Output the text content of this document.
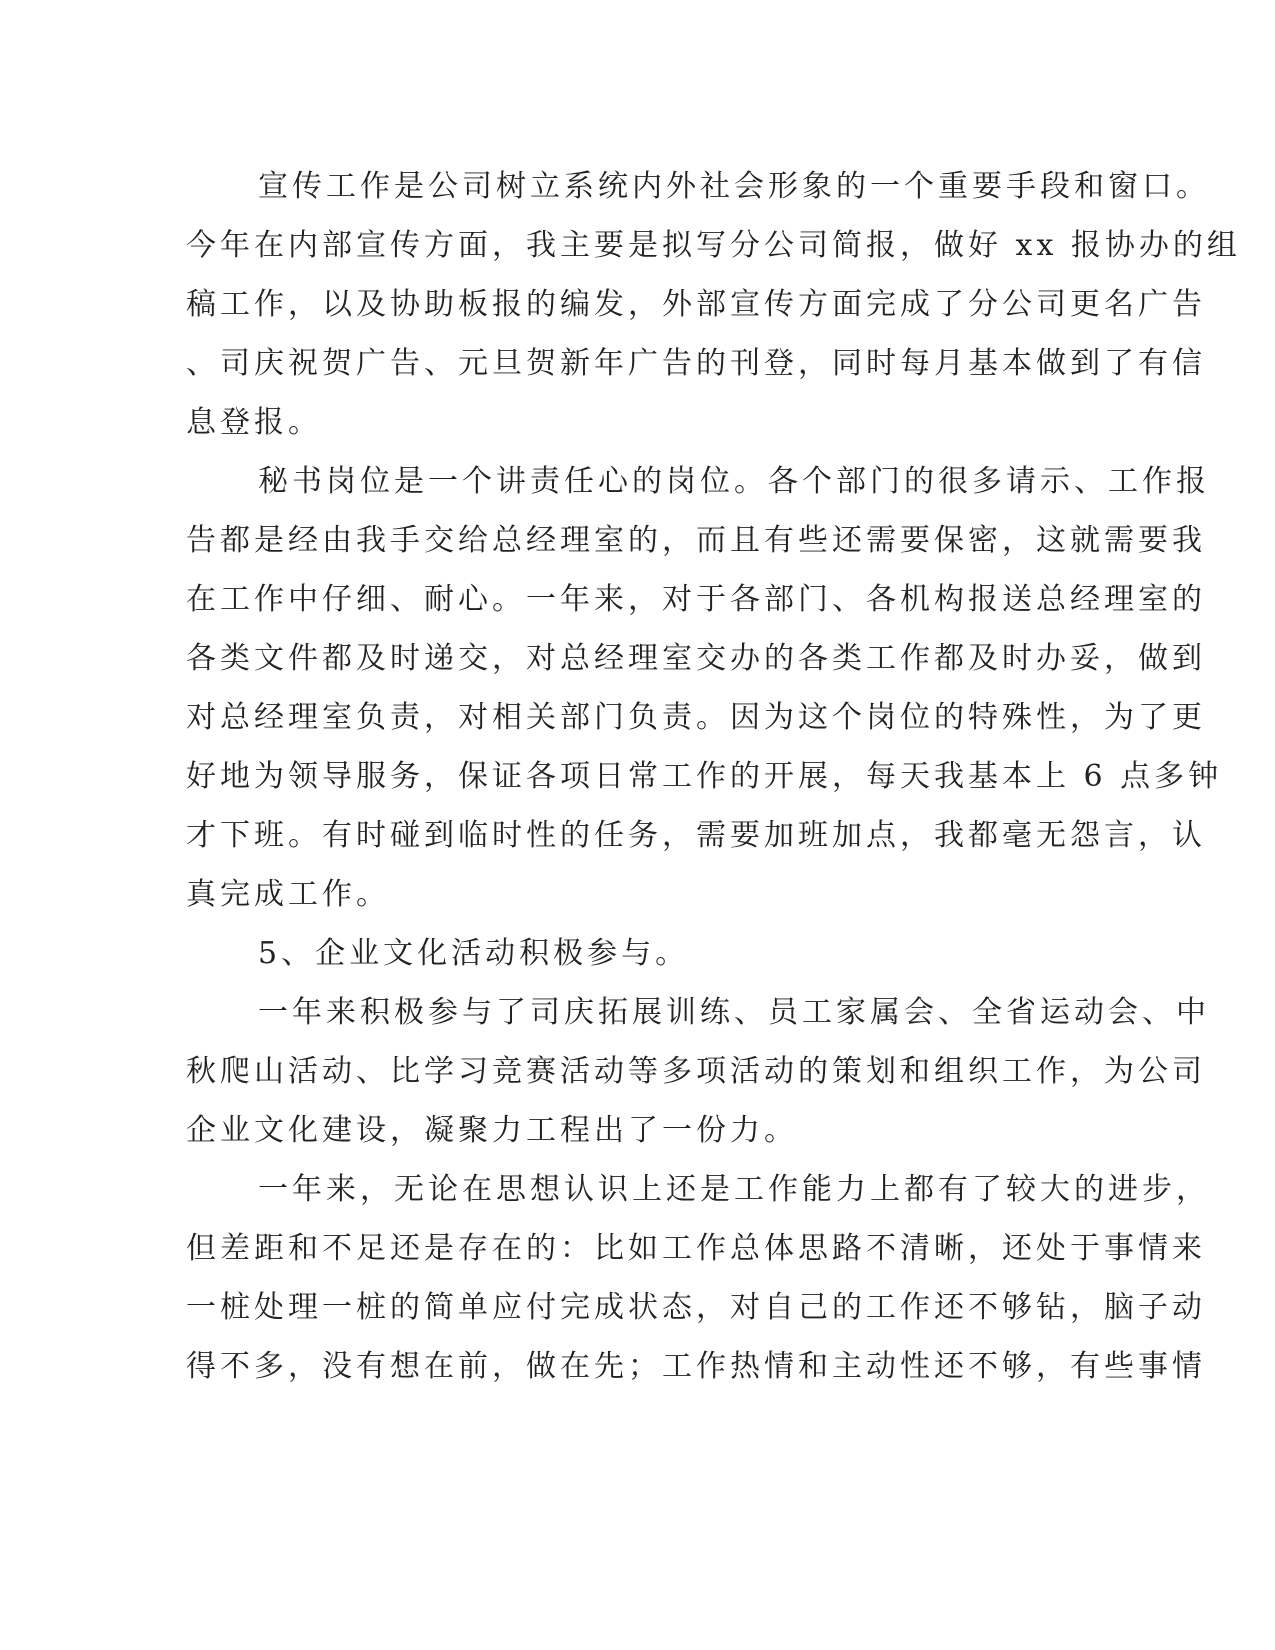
宣传工作是公司树立系统内外社会形象的一个重要手段和窗口。
今年在内部宣传方面，我主要是拟写分公司简报，做好 xx 报协办的组
稿工作，以及协助板报的编发，外部宣传方面完成了分公司更名广告
、司庆祝贺广告、元旦贺新年广告的刊登，同时每月基本做到了有信
息登报。
秘书岗位是一个讲责任心的岗位。各个部门的很多请示、工作报
告都是经由我手交给总经理室的，而且有些还需要保密，这就需要我
在工作中仔细、耐心。一年来，对于各部门、各机构报送总经理室的
各类文件都及时递交，对总经理室交办的各类工作都及时办妥，做到
对总经理室负责，对相关部门负责。因为这个岗位的特殊性，为了更
好地为领导服务，保证各项日常工作的开展，每天我基本上 6 点多钟
才下班。有时碰到临时性的任务，需要加班加点，我都毫无怨言，认
真完成工作。
5、企业文化活动积极参与。
一年来积极参与了司庆拓展训练、员工家属会、全省运动会、中
秋爬山活动、比学习竞赛活动等多项活动的策划和组织工作，为公司
企业文化建设，凝聚力工程出了一份力。
一年来，无论在思想认识上还是工作能力上都有了较大的进步，
但差距和不足还是存在的：比如工作总体思路不清晰，还处于事情来
一桩处理一桩的简单应付完成状态，对自己的工作还不够钻，脑子动
得不多，没有想在前，做在先；工作热情和主动性还不够，有些事情
